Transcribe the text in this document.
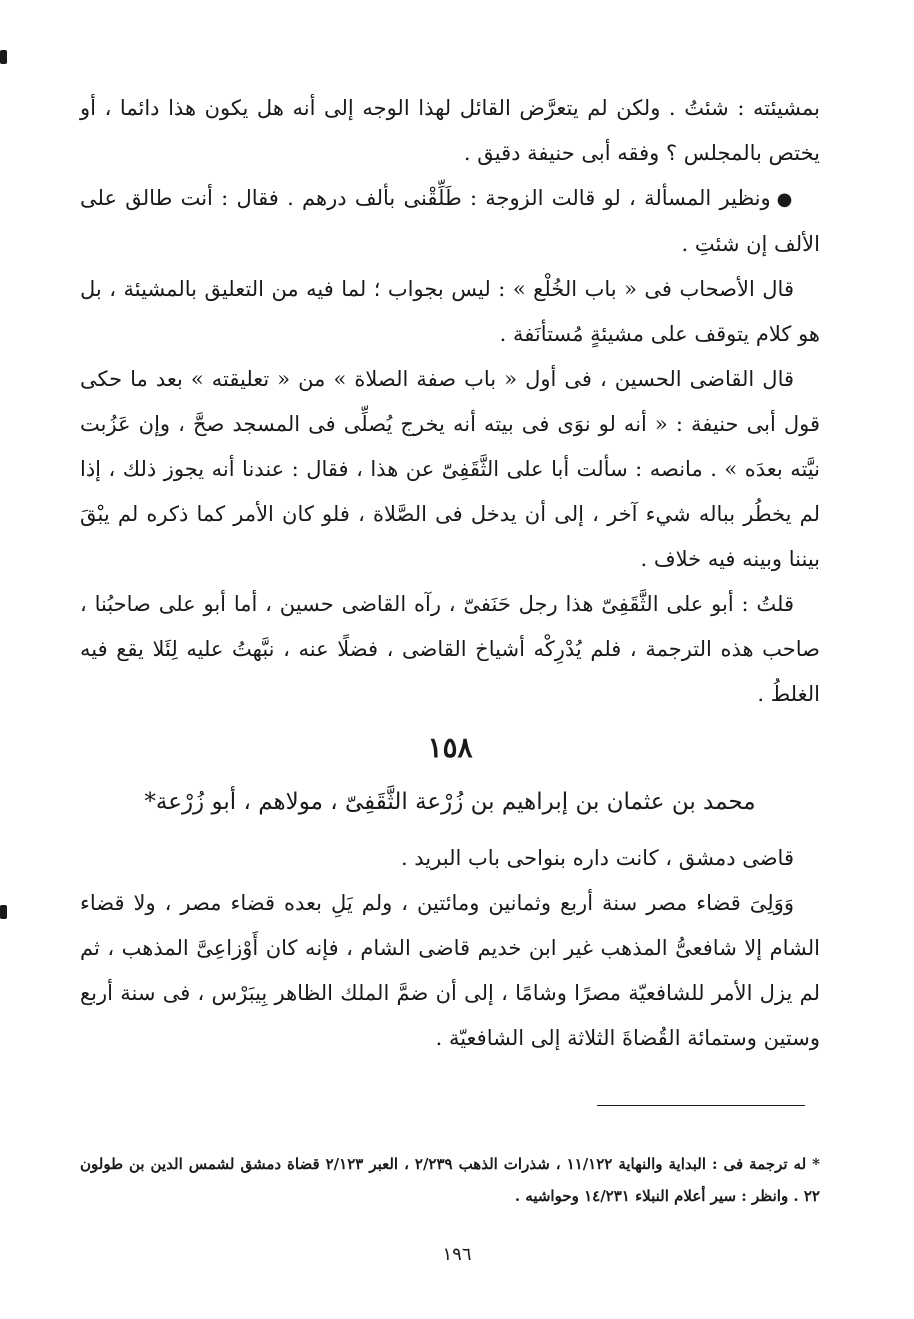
بمشيئته : شئتُ . ولكن لم يتعرَّض القائل لهذا الوجه إلى أنه هل يكون هذا دائما ، أو يختص بالمجلس ؟ وفقه أبى حنيفة دقيق .

●ونظير المسألة ، لو قالت الزوجة : طَلِّقْنى بألف درهم . فقال : أنت طالق على الألف إن شئتِ .

قال الأصحاب فى « باب الخُلْع » : ليس بجواب ؛ لما فيه من التعليق بالمشيئة ، بل هو كلام يتوقف على مشيئةٍ مُستأنَفة .

قال القاضى الحسين ، فى أول « باب صفة الصلاة » من « تعليقته » بعد ما حكى قول أبى حنيفة : « أنه لو نوَى فى بيته أنه يخرج يُصلِّى فى المسجد صحَّ ، وإن عَزُبت نيَّته بعدَه » . مانصه : سألت أبا على الثَّقَفِىّ عن هذا ، فقال : عندنا أنه يجوز ذلك ، إذا لم يخطُر بباله شيء آخر ، إلى أن يدخل فى الصَّلاة ، فلو كان الأمر كما ذكره لم يبْقَ بيننا وبينه فيه خلاف .

قلتُ : أبو على الثَّقَفِىّ هذا رجل حَنَفىّ ، رآه القاضى حسين ، أما أبو على صاحبُنا ، صاحب هذه الترجمة ، فلم يُدْرِكْه أشياخ القاضى ، فضلًا عنه ، نبَّهتُ عليه لِئَلا يقع فيه الغلطُ .

١٥٨
محمد بن عثمان بن إبراهيم بن زُرْعة الثَّقَفِىّ ، مولاهم ، أبو زُرْعة*

قاضى دمشق ، كانت داره بنواحى باب البريد .

وَوَلِىَ قضاء مصر سنة أربع وثمانين ومائتين ، ولم يَلِ بعده قضاء مصر ، ولا قضاء الشام إلا شافعىُّ المذهب غير ابن خديم قاضى الشام ، فإنه كان أَوْزاعِىَّ المذهب ، ثم لم يزل الأمر للشافعيّة مصرًا وشامًا ، إلى أن ضمَّ الملك الظاهر بِيبَرْس ، فى سنة أربع وستين وستمائة القُضاةَ الثلاثة إلى الشافعيّة .

* له ترجمة فى : البداية والنهاية ١١/١٢٢ ، شذرات الذهب ٢/٢٣٩ ، العبر ٢/١٢٣ قضاة دمشق لشمس الدين بن طولون ٢٢ . وانظر : سير أعلام النبلاء ١٤/٢٣١ وحواشيه .
١٩٦
